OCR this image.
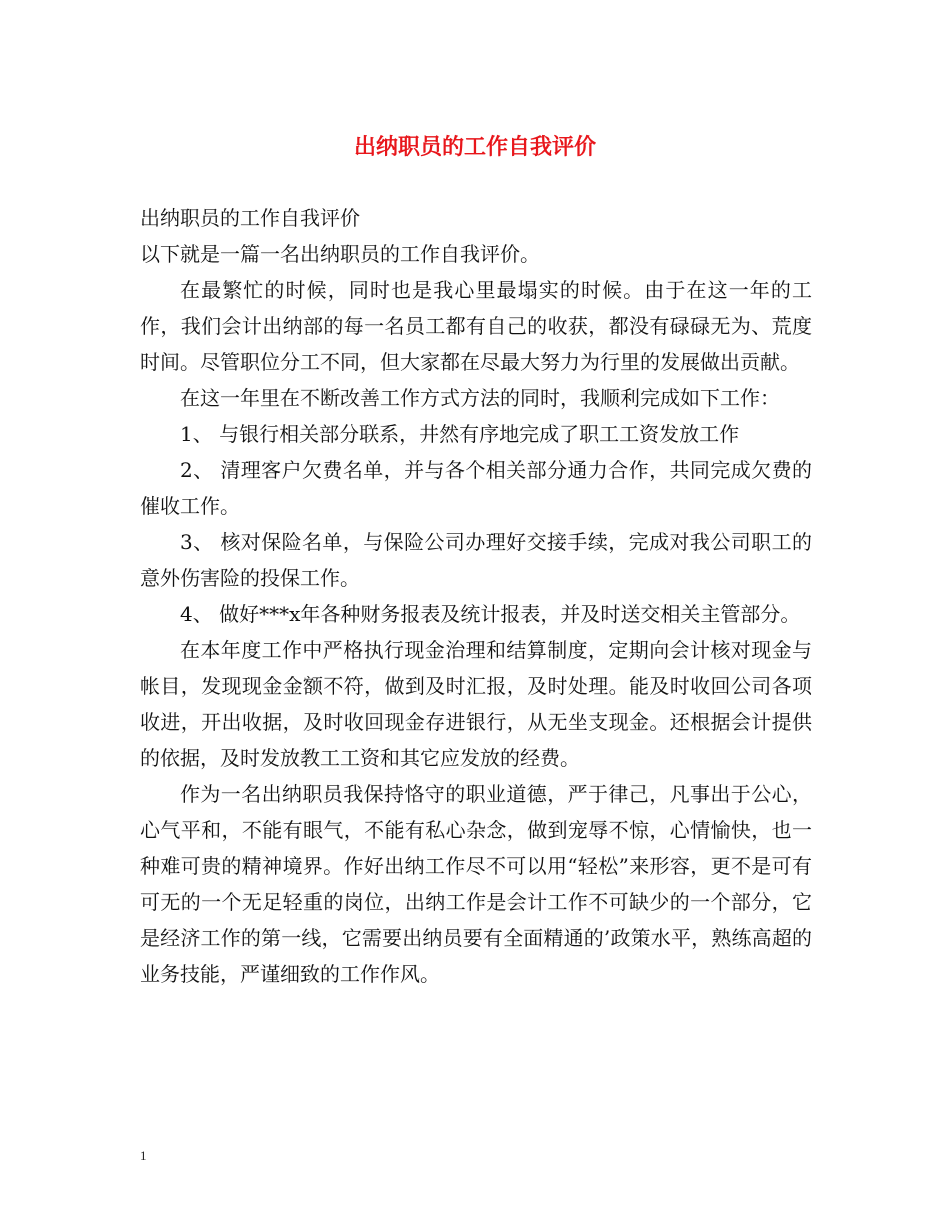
出纳职员的工作自我评价

出纳职员的工作自我评价

以下就是一篇一名出纳职员的工作自我评价。

在最繁忙的时候，同时也是我心里最塌实的时候。由于在这一年的工作，我们会计出纳部的每一名员工都有自己的收获，都没有碌碌无为、荒度时间。尽管职位分工不同，但大家都在尽最大努力为行里的发展做出贡献。

在这一年里在不断改善工作方式方法的同时，我顺利完成如下工作：

1、 与银行相关部分联系，井然有序地完成了职工工资发放工作

2、 清理客户欠费名单，并与各个相关部分通力合作，共同完成欠费的催收工作。

3、 核对保险名单，与保险公司办理好交接手续，完成对我公司职工的意外伤害险的投保工作。

4、 做好***x年各种财务报表及统计报表，并及时送交相关主管部分。

在本年度工作中严格执行现金治理和结算制度，定期向会计核对现金与帐目，发现现金金额不符，做到及时汇报，及时处理。能及时收回公司各项收进，开出收据，及时收回现金存进银行，从无坐支现金。还根据会计提供的依据，及时发放教工工资和其它应发放的经费。

作为一名出纳职员我保持恪守的职业道德，严于律己，凡事出于公心，心气平和，不能有眼气，不能有私心杂念，做到宠辱不惊，心情愉快，也一种难可贵的精神境界。作好出纳工作尽不可以用“轻松”来形容，更不是可有可无的一个无足轻重的岗位，出纳工作是会计工作不可缺少的一个部分，它是经济工作的第一线，它需要出纳员要有全面精通的’政策水平，熟练高超的业务技能，严谨细致的工作作风。

1
